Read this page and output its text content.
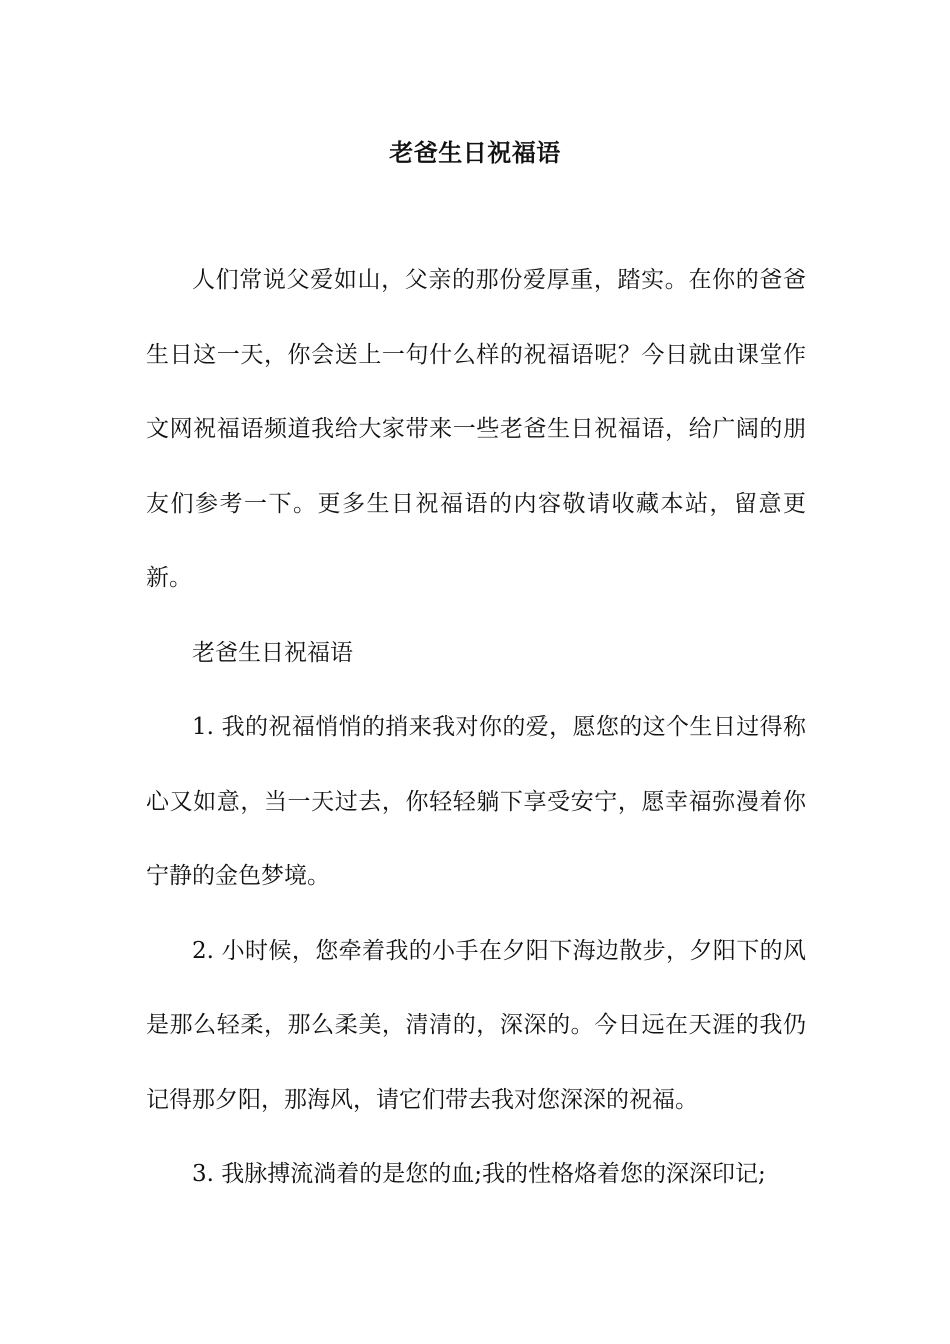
老爸生日祝福语

人们常说父爱如山，父亲的那份爱厚重，踏实。在你的爸爸生日这一天，你会送上一句什么样的祝福语呢？今日就由课堂作文网祝福语频道我给大家带来一些老爸生日祝福语，给广阔的朋友们参考一下。更多生日祝福语的内容敬请收藏本站，留意更新。

老爸生日祝福语

1. 我的祝福悄悄的捎来我对你的爱，愿您的这个生日过得称心又如意，当一天过去，你轻轻躺下享受安宁，愿幸福弥漫着你宁静的金色梦境。

2. 小时候，您牵着我的小手在夕阳下海边散步，夕阳下的风是那么轻柔，那么柔美，清清的，深深的。今日远在天涯的我仍记得那夕阳，那海风，请它们带去我对您深深的祝福。

3. 我脉搏流淌着的是您的血;我的性格烙着您的深深印记;
